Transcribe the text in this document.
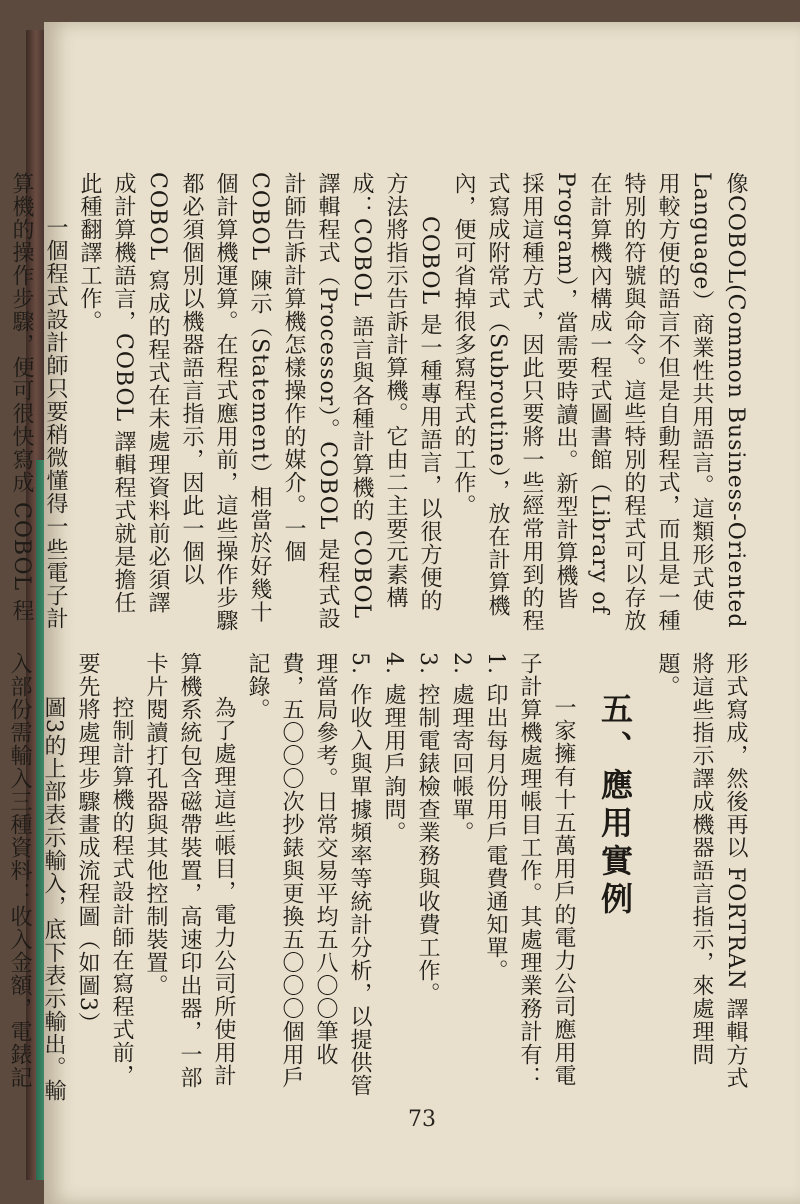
像COBOL(Common Business-Oriented Language）商業性共用語言。這類形式使用較方便的語言不但是自動程式，而且是一種特別的符號與命令。這些特別的程式可以存放在計算機內構成一程式圖書館（Library of Program），當需要時讀出。新型計算機皆採用這種方式，因此只要將一些經常用到的程式寫成附常式（Subroutine），放在計算機內，便可省掉很多寫程式的工作。

COBOL 是一種專用語言，以很方便的方法將指示告訴計算機。它由二主要元素構成：COBOL 語言與各種計算機的 COBOL 譯輯程式（Processor）。COBOL 是程式設計師告訴計算機怎樣操作的媒介。一個 COBOL 陳示（Statement）相當於好幾十個計算機運算。在程式應用前，這些操作步驟都必須個別以機器語言指示，因此一個以 COBOL 寫成的程式在未處理資料前必須譯成計算機語言，COBOL 譯輯程式就是擔任此種翻譯工作。

一個程式設計師只要稍微懂得一些電子計算機的操作步驟，便可很快寫成 COBOL 程

形式寫成，然後再以 FORTRAN 譯輯方式將這些指示譯成機器語言指示，來處理問題。

五、應用實例

一家擁有十五萬用戶的電力公司應用電子計算機處理帳目工作。其處理業務計有：

1. 印出每月份用戶電費通知單。

2. 處理寄回帳單。

3. 控制電錶檢查業務與收費工作。

4. 處理用戶詢問。

5. 作收入與單據頻率等統計分析，以提供管理當局參考。日常交易平均五八〇〇筆收費，五〇〇〇次抄錶與更換五〇〇〇個用戶記錄。

為了處理這些帳目，電力公司所使用計算機系統包含磁帶裝置，高速印出器，一部卡片閱讀打孔器與其他控制裝置。

控制計算機的程式設計師在寫程式前，要先將處理步驟畫成流程圖（如圖3）

圖3的上部表示輸入，底下表示輸出。輸入部份需輸入三種資料：收入金額，電錶記

73
